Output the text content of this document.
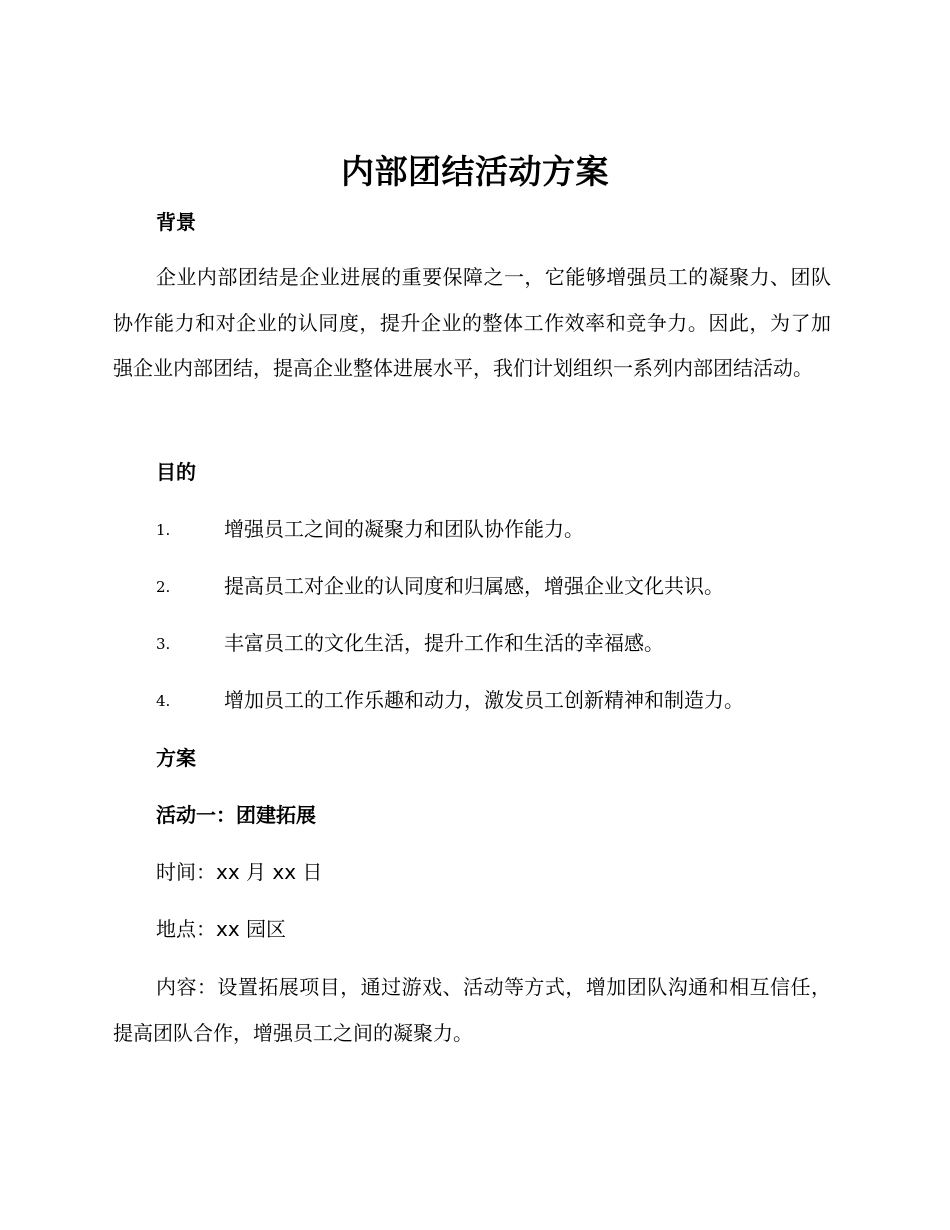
内部团结活动方案
背景
企业内部团结是企业进展的重要保障之一，它能够增强员工的凝聚力、团队协作能力和对企业的认同度，提升企业的整体工作效率和竞争力。因此，为了加强企业内部团结，提高企业整体进展水平，我们计划组织一系列内部团结活动。
目的
1.	增强员工之间的凝聚力和团队协作能力。
2.	提高员工对企业的认同度和归属感，增强企业文化共识。
3.	丰富员工的文化生活，提升工作和生活的幸福感。
4.	增加员工的工作乐趣和动力，激发员工创新精神和制造力。
方案
活动一：团建拓展
时间：xx 月 xx 日
地点：xx 园区
内容：设置拓展项目，通过游戏、活动等方式，增加团队沟通和相互信任，提高团队合作，增强员工之间的凝聚力。
